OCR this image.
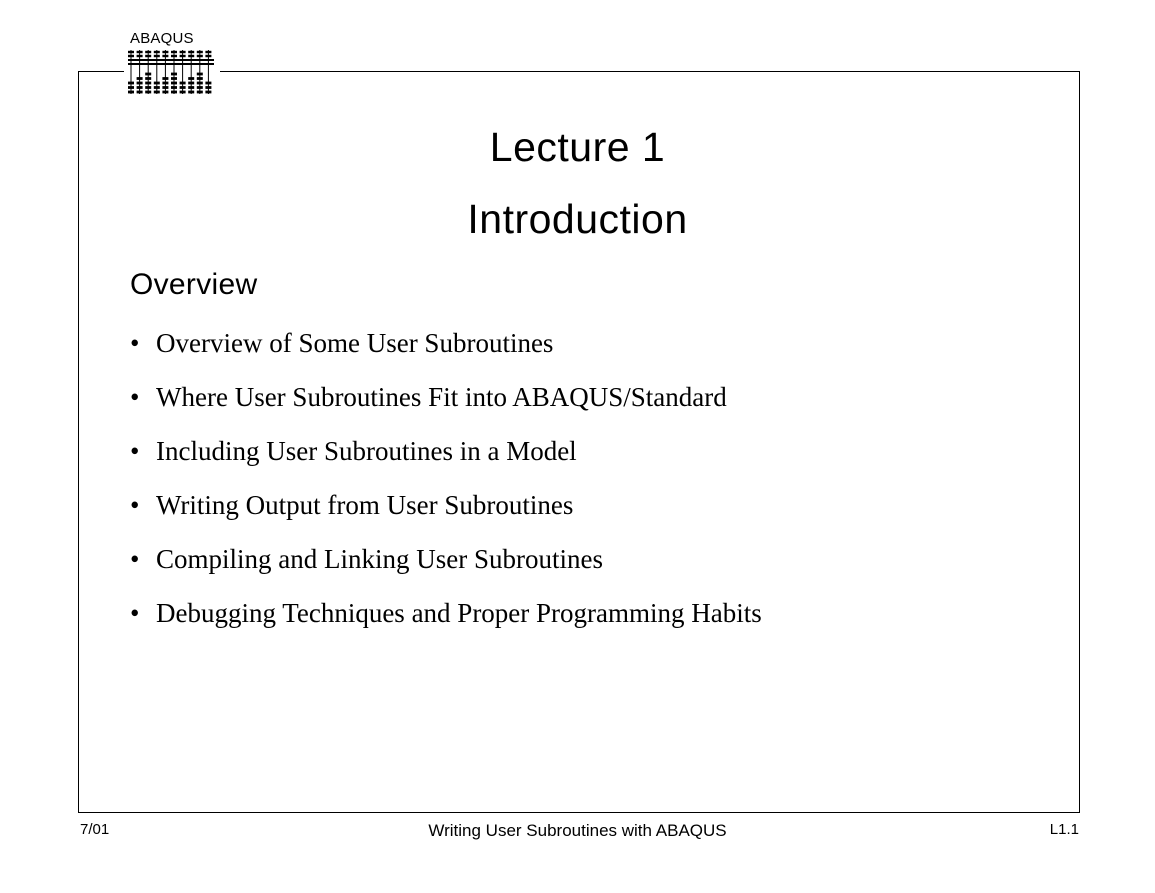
ABAQUS
Lecture 1
Introduction
Overview
• Overview of Some User Subroutines
• Where User Subroutines Fit into ABAQUS/Standard
• Including User Subroutines in a Model
• Writing Output from User Subroutines
• Compiling and Linking User Subroutines
• Debugging Techniques and Proper Programming Habits
7/01	Writing User Subroutines with ABAQUS	L1.1
